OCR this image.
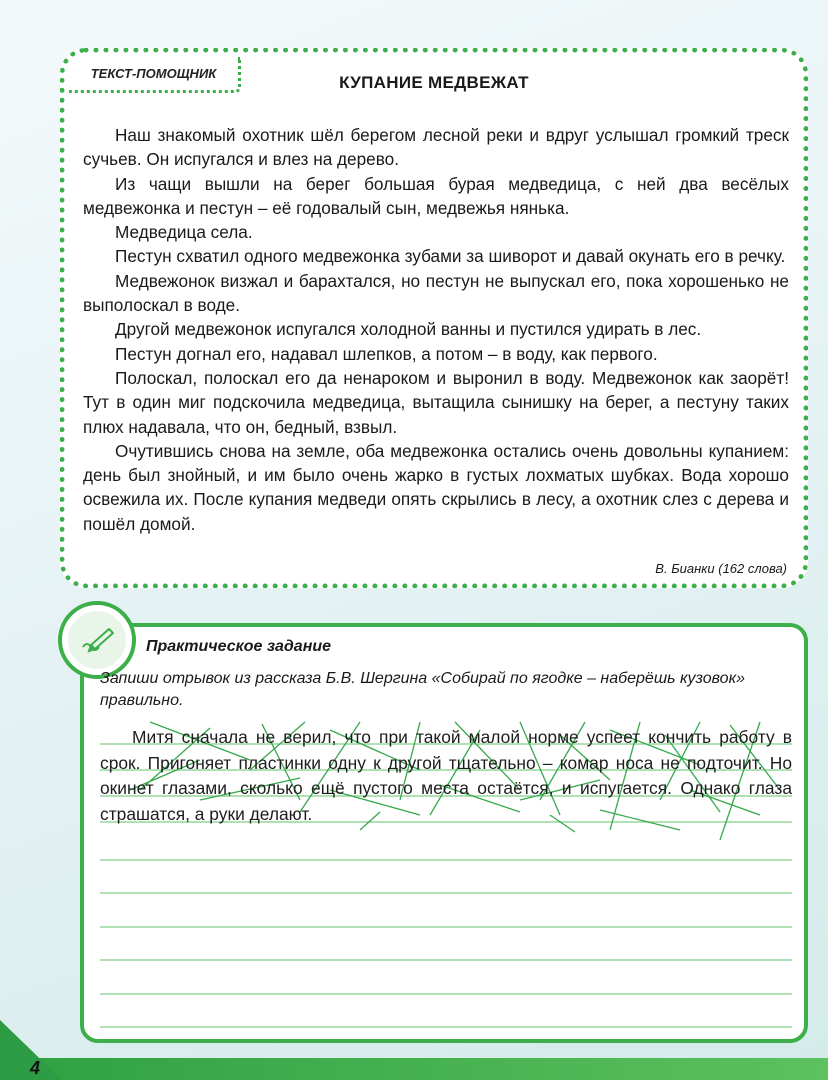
ТЕКСТ-ПОМОЩНИК	КУПАНИЕ МЕДВЕЖАТ

Наш знакомый охотник шёл берегом лесной реки и вдруг услышал громкий треск сучьев. Он испугался и влез на дерево.

Из чащи вышли на берег большая бурая медведица, с ней два весёлых медвежонка и пестун – её годовалый сын, медвежья нянька.

Медведица села.

Пестун схватил одного медвежонка зубами за шиворот и давай окунать его в речку.

Медвежонок визжал и барахтался, но пестун не выпускал его, пока хорошенько не выполоскал в воде.

Другой медвежонок испугался холодной ванны и пустился удирать в лес.

Пестун догнал его, надавал шлепков, а потом – в воду, как первого.

Полоскал, полоскал его да ненароком и выронил в воду. Медвежонок как заорёт! Тут в один миг подскочила медведица, вытащила сынишку на берег, а пестуну таких плюх надавала, что он, бедный, взвыл.

Очутившись снова на земле, оба медвежонка остались очень довольны купанием: день был знойный, и им было очень жарко в густых лохматых шубках. Вода хорошо освежила их. После купания медведи опять скрылись в лесу, а охотник слез с дерева и пошёл домой.

В. Бианки (162 слова)
Практическое задание
Запиши отрывок из рассказа Б.В. Шергина «Собирай по ягодке – наберёшь кузовок» правильно.

Митя сначала не верил, что при такой малой норме успеет кончить работу в срок. Пригоняет пластинки одну к другой тщательно – комар носа не подточит. Но окинет глазами, сколько ещё пустого места остаётся, и испугается. Однако глаза страшатся, а руки делают.

4
